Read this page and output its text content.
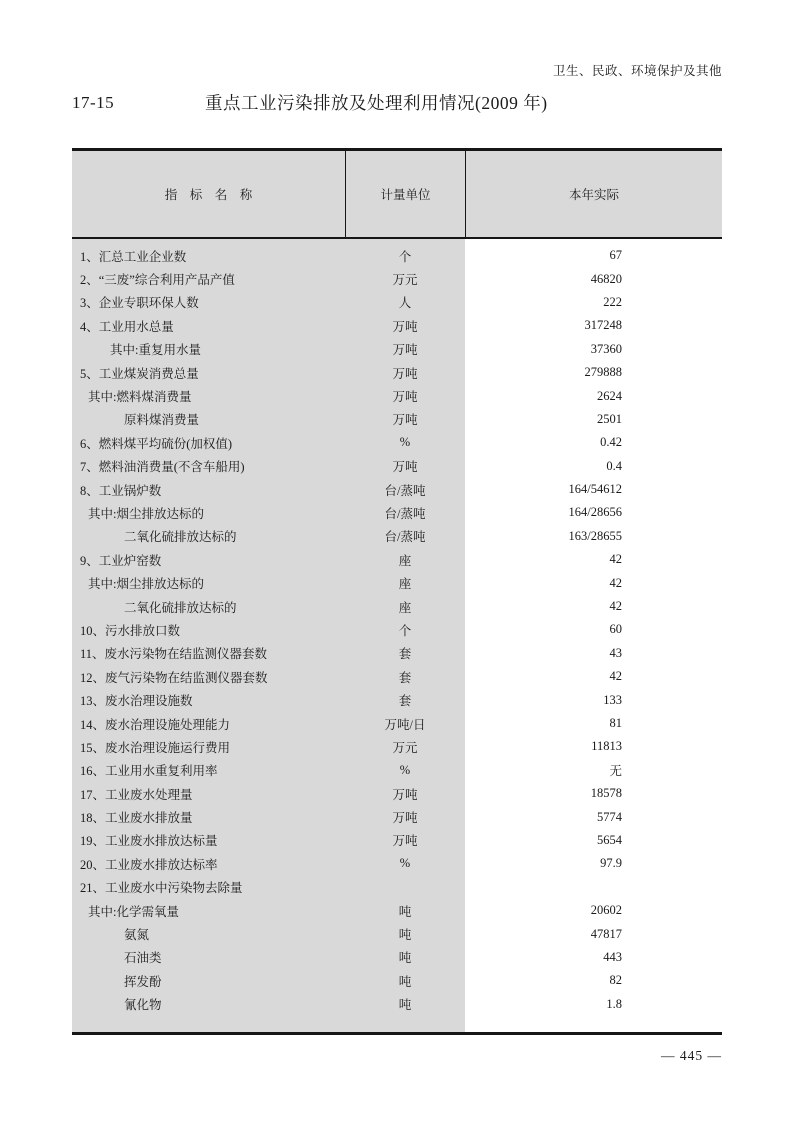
卫生、民政、环境保护及其他
17-15	重点工业污染排放及处理利用情况(2009 年)
指　标　名　称	计量单位	本年实际
1、汇总工业企业数	个	67
2、“三废”综合利用产品产值	万元	46820
3、企业专职环保人数	人	222
4、工业用水总量	万吨	317248
其中:重复用水量	万吨	37360
5、工业煤炭消费总量	万吨	279888
其中:燃料煤消费量	万吨	2624
原料煤消费量	万吨	2501
6、燃料煤平均硫份(加权值)	%	0.42
7、燃料油消费量(不含车船用)	万吨	0.4
8、工业锅炉数	台/蒸吨	164/54612
其中:烟尘排放达标的	台/蒸吨	164/28656
二氧化硫排放达标的	台/蒸吨	163/28655
9、工业炉窑数	座	42
其中:烟尘排放达标的	座	42
二氧化硫排放达标的	座	42
10、污水排放口数	个	60
11、废水污染物在结监测仪器套数	套	43
12、废气污染物在结监测仪器套数	套	42
13、废水治理设施数	套	133
14、废水治理设施处理能力	万吨/日	81
15、废水治理设施运行费用	万元	11813
16、工业用水重复利用率	%	无
17、工业废水处理量	万吨	18578
18、工业废水排放量	万吨	5774
19、工业废水排放达标量	万吨	5654
20、工业废水排放达标率	%	97.9
21、工业废水中污染物去除量
其中:化学需氧量	吨	20602
氨氮	吨	47817
石油类	吨	443
挥发酚	吨	82
氰化物	吨	1.8
— 445 —
